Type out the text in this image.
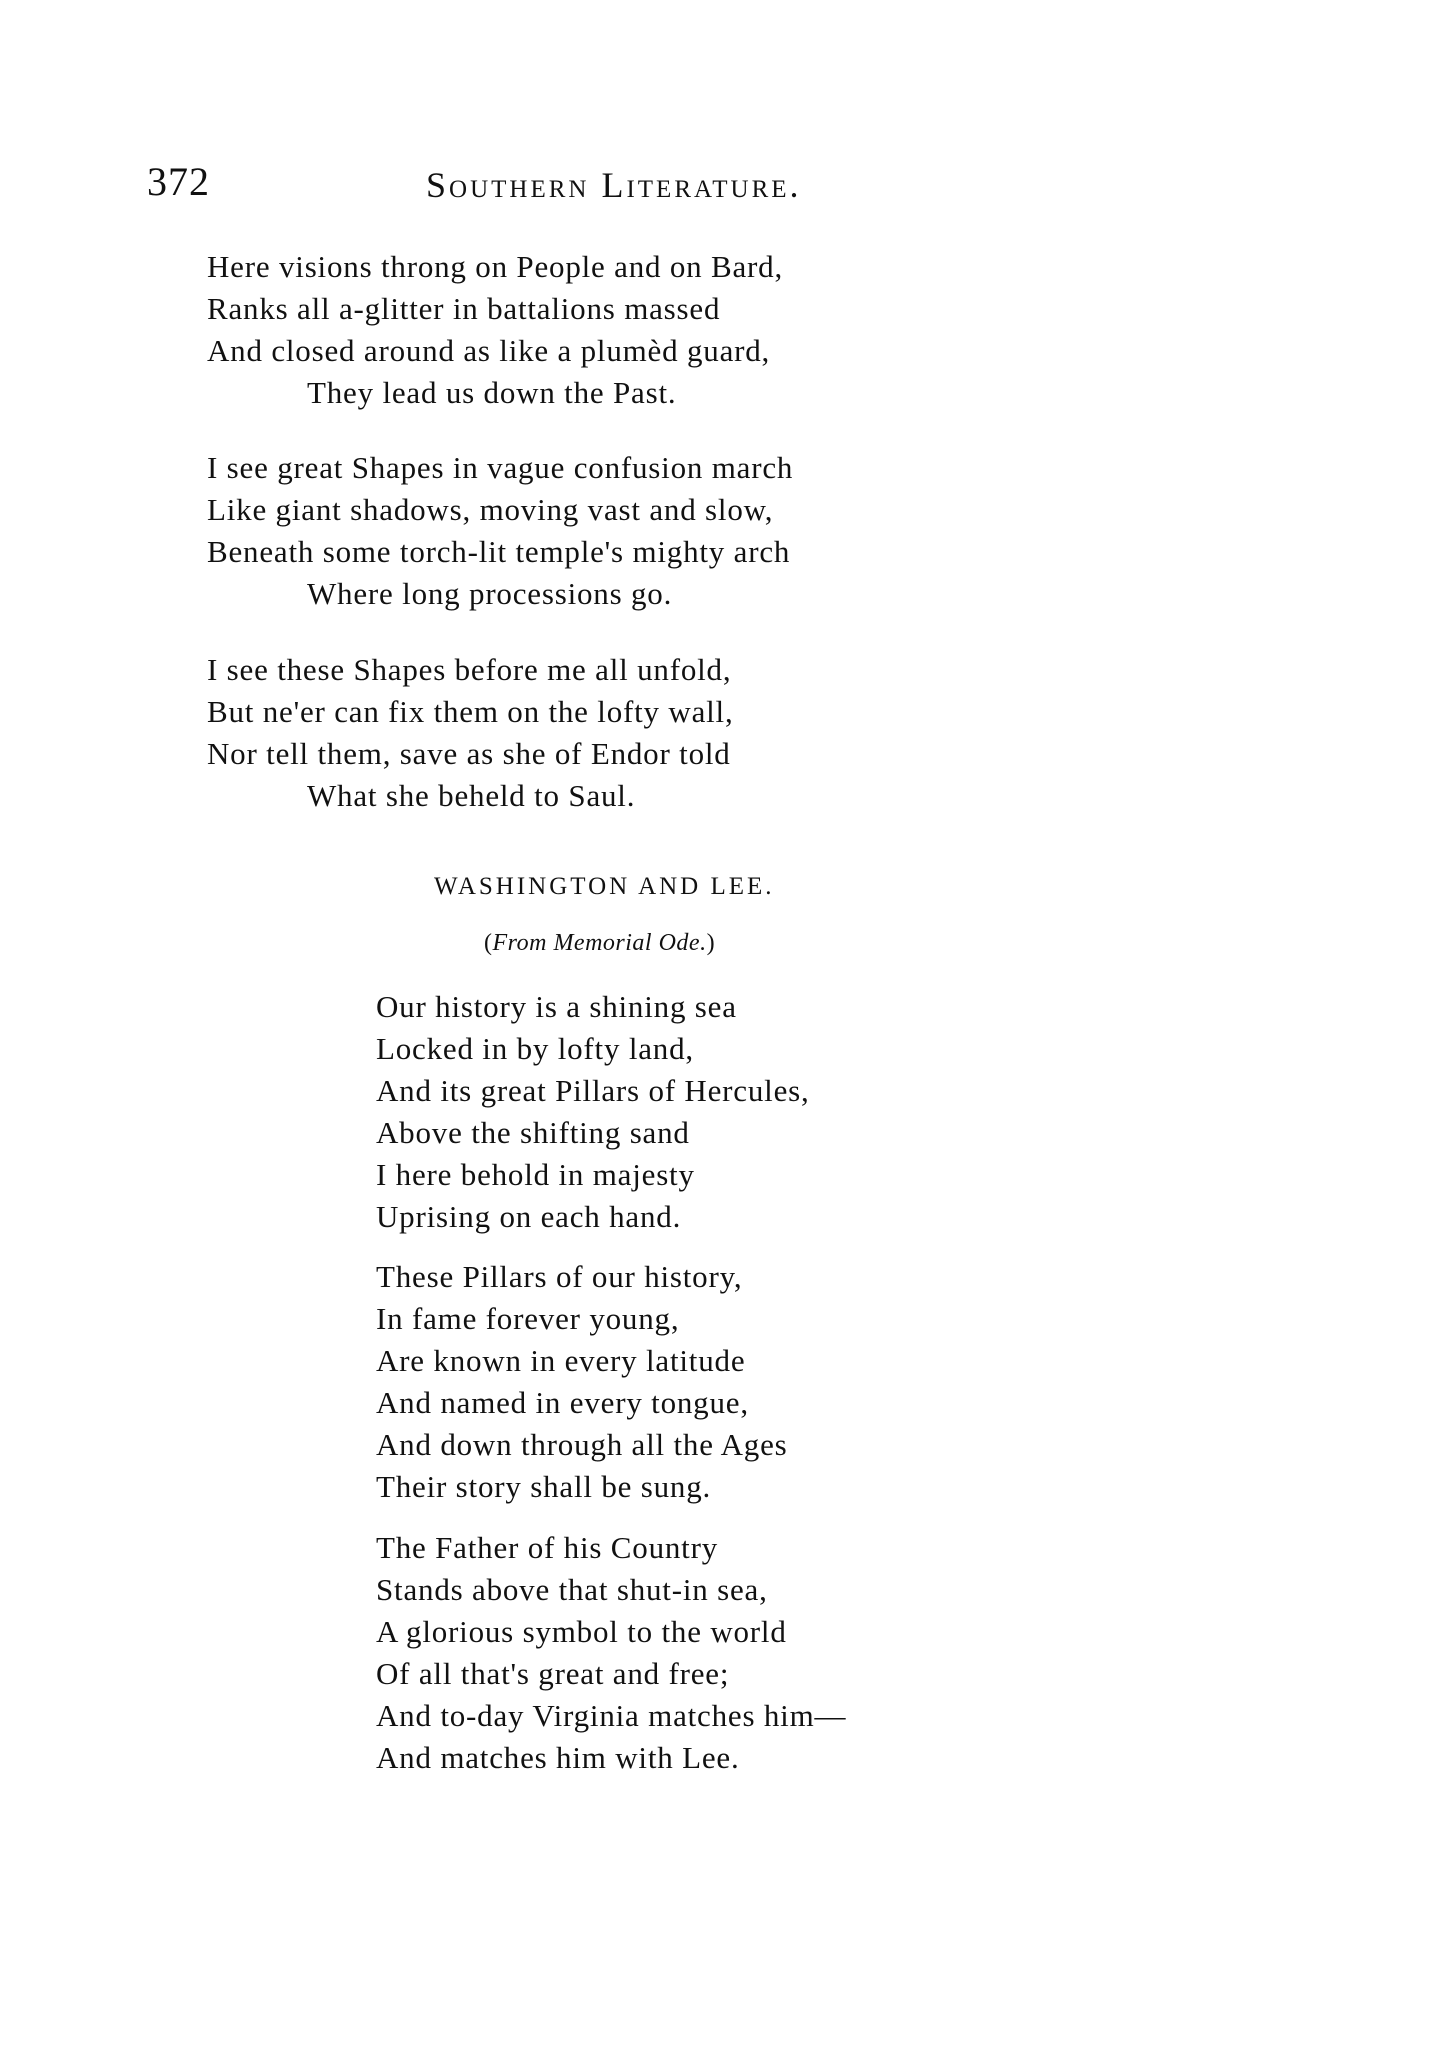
372	Southern Literature.
Here visions throng on People and on Bard,
Ranks all a-glitter in battalions massed
And closed around as like a plumèd guard,
They lead us down the Past.
I see great Shapes in vague confusion march
Like giant shadows, moving vast and slow,
Beneath some torch-lit temple's mighty arch
Where long processions go.
I see these Shapes before me all unfold,
But ne'er can fix them on the lofty wall,
Nor tell them, save as she of Endor told
What she beheld to Saul.
WASHINGTON AND LEE.
(From Memorial Ode.)
Our history is a shining sea
Locked in by lofty land,
And its great Pillars of Hercules,
Above the shifting sand
I here behold in majesty
Uprising on each hand.
These Pillars of our history,
In fame forever young,
Are known in every latitude
And named in every tongue,
And down through all the Ages
Their story shall be sung.
The Father of his Country
Stands above that shut-in sea,
A glorious symbol to the world
Of all that's great and free;
And to-day Virginia matches him—
And matches him with Lee.
